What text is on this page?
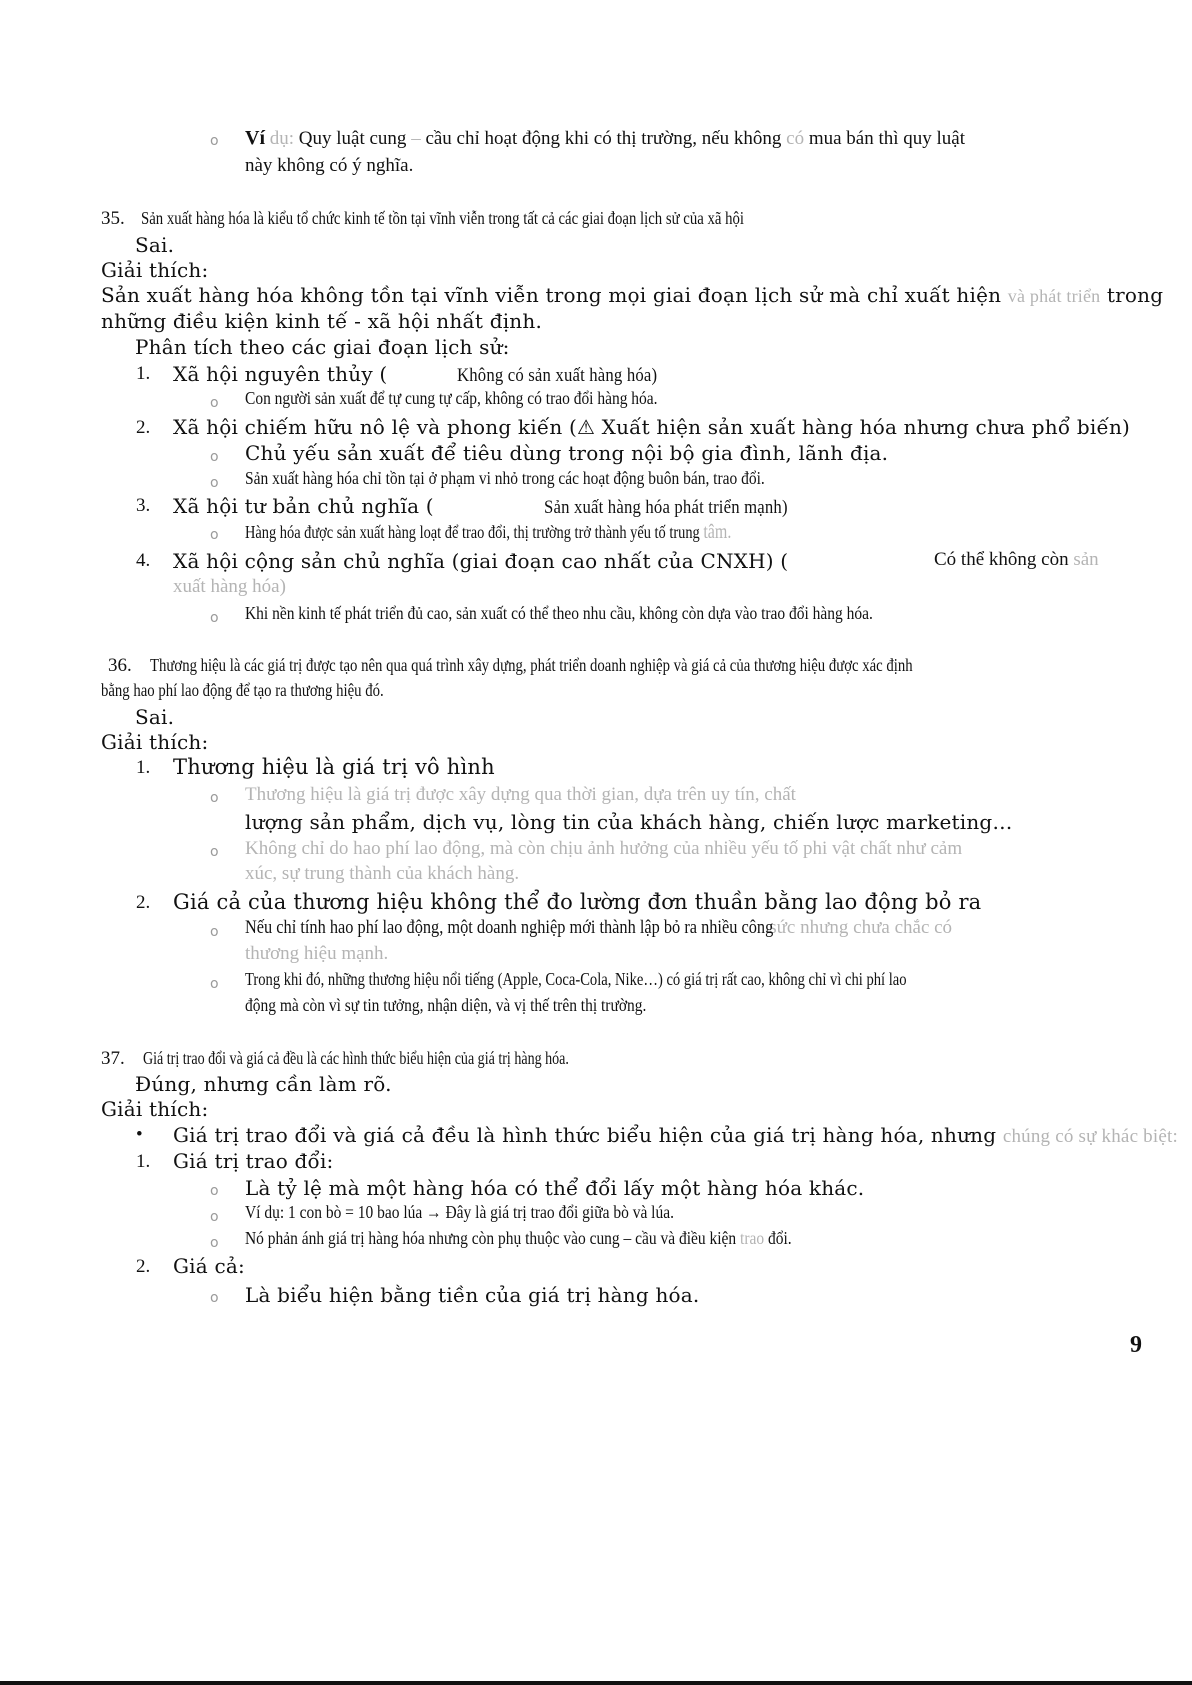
o Ví dụ: Quy luật cung – cầu chỉ hoạt động khi có thị trường, nếu không có mua bán thì quy luật
này không có ý nghĩa.
35. Sản xuất hàng hóa là kiểu tổ chức kinh tế tồn tại vĩnh viễn trong tất cả các giai đoạn lịch sử của xã hội
Sai.
Giải thích:
Sản xuất hàng hóa không tồn tại vĩnh viễn trong mọi giai đoạn lịch sử mà chỉ xuất hiện và phát triển trong
những điều kiện kinh tế - xã hội nhất định.
Phân tích theo các giai đoạn lịch sử:
1. Xã hội nguyên thủy (	Không có sản xuất hàng hóa)
o Con người sản xuất để tự cung tự cấp, không có trao đổi hàng hóa.
2. Xã hội chiếm hữu nô lệ và phong kiến (⚠ Xuất hiện sản xuất hàng hóa nhưng chưa phổ biến)
o Chủ yếu sản xuất để tiêu dùng trong nội bộ gia đình, lãnh địa.
o Sản xuất hàng hóa chỉ tồn tại ở phạm vi nhỏ trong các hoạt động buôn bán, trao đổi.
3. Xã hội tư bản chủ nghĩa (	Sản xuất hàng hóa phát triển mạnh)
o Hàng hóa được sản xuất hàng loạt để trao đổi, thị trường trở thành yếu tố trung tâm.
4. Xã hội cộng sản chủ nghĩa (giai đoạn cao nhất của CNXH) (	Có thể không còn sản
xuất hàng hóa)
o Khi nền kinh tế phát triển đủ cao, sản xuất có thể theo nhu cầu, không còn dựa vào trao đổi hàng hóa.
36. Thương hiệu là các giá trị được tạo nên qua quá trình xây dựng, phát triển doanh nghiệp và giá cả của thương hiệu được xác định
bằng hao phí lao động để tạo ra thương hiệu đó.
Sai.
Giải thích:
1. Thương hiệu là giá trị vô hình
o Thương hiệu là giá trị được xây dựng qua thời gian, dựa trên uy tín, chất
lượng sản phẩm, dịch vụ, lòng tin của khách hàng, chiến lược marketing…
o Không chỉ do hao phí lao động, mà còn chịu ảnh hưởng của nhiều yếu tố phi vật chất như cảm
xúc, sự trung thành của khách hàng.
2. Giá cả của thương hiệu không thể đo lường đơn thuần bằng lao động bỏ ra
o Nếu chỉ tính hao phí lao động, một doanh nghiệp mới thành lập bỏ ra nhiều côngsức nhưng chưa chắc có
thương hiệu mạnh.
o Trong khi đó, những thương hiệu nổi tiếng (Apple, Coca-Cola, Nike…) có giá trị rất cao, không chỉ vì chi phí lao
động mà còn vì sự tin tưởng, nhận diện, và vị thế trên thị trường.
37. Giá trị trao đổi và giá cả đều là các hình thức biểu hiện của giá trị hàng hóa.
Đúng, nhưng cần làm rõ.
Giải thích:
• Giá trị trao đổi và giá cả đều là hình thức biểu hiện của giá trị hàng hóa, nhưng chúng có sự khác biệt:
1. Giá trị trao đổi:
o Là tỷ lệ mà một hàng hóa có thể đổi lấy một hàng hóa khác.
o Ví dụ: 1 con bò = 10 bao lúa → Đây là giá trị trao đổi giữa bò và lúa.
o Nó phản ánh giá trị hàng hóa nhưng còn phụ thuộc vào cung – cầu và điều kiện trao đổi.
2. Giá cả:
o Là biểu hiện bằng tiền của giá trị hàng hóa.
9
